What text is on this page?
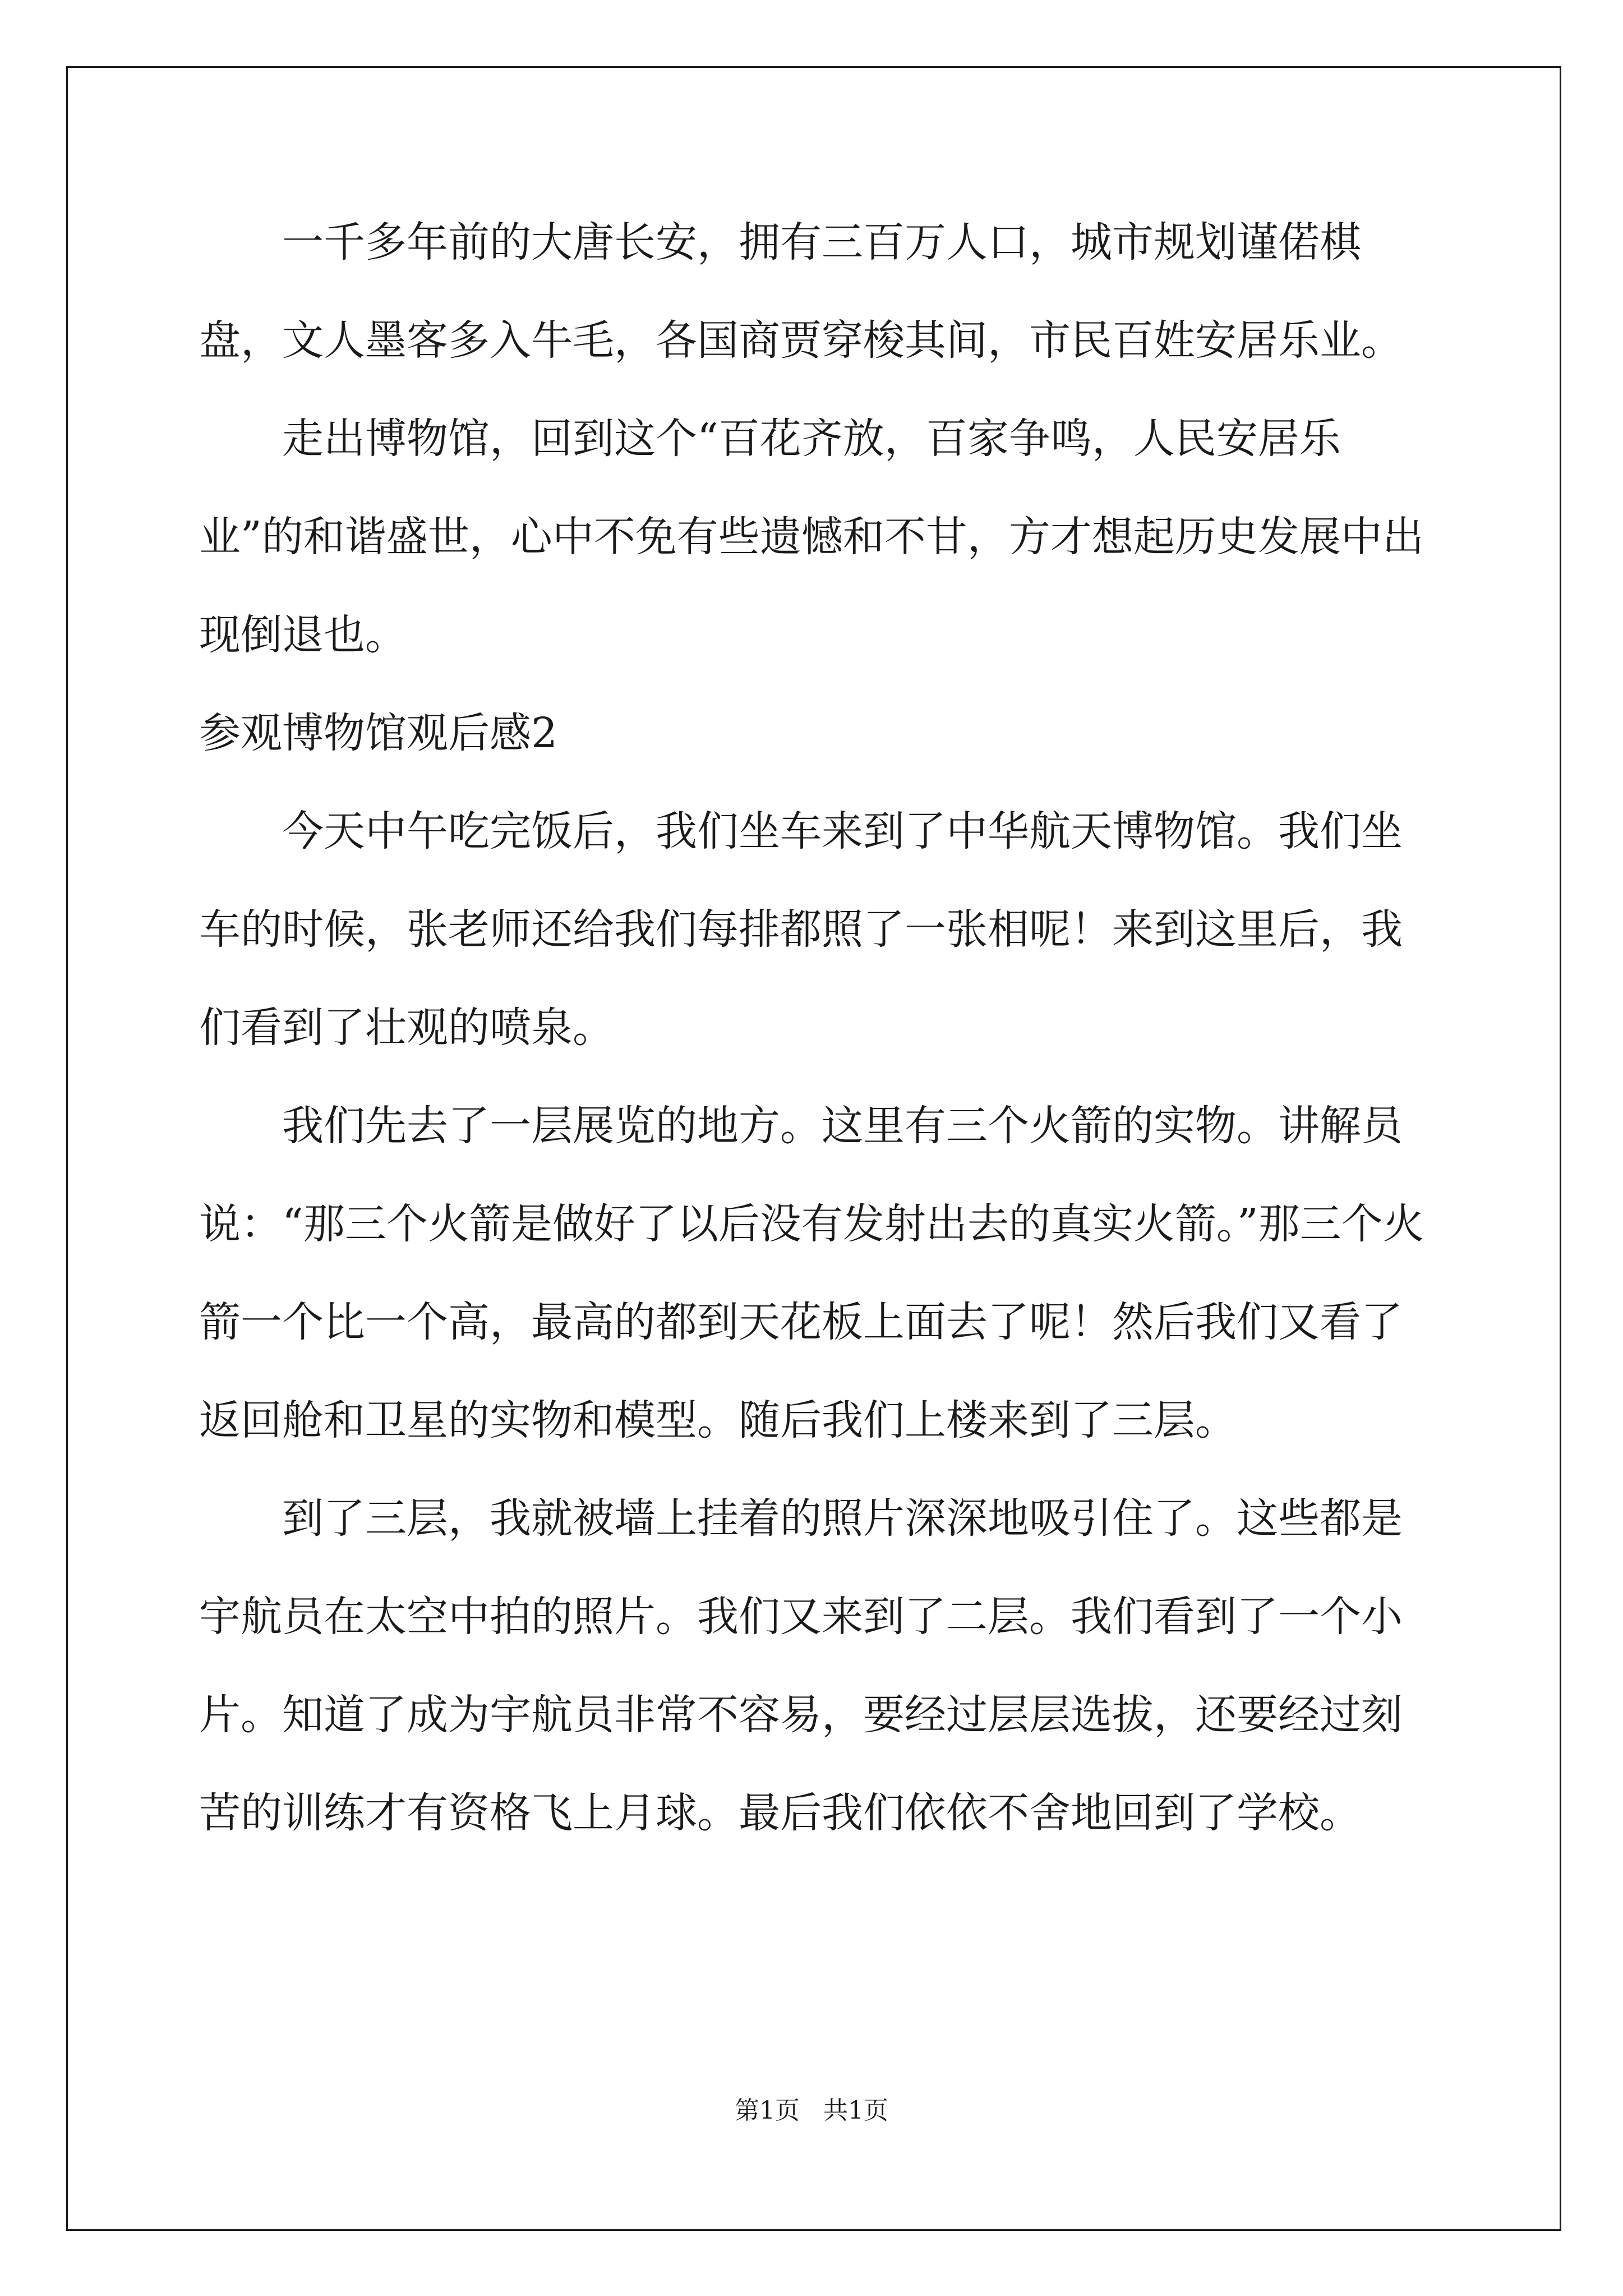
一千多年前的大唐长安，拥有三百万人口，城市规划谨偌棋盘，文人墨客多入牛毛，各国商贾穿梭其间，市民百姓安居乐业。

走出博物馆，回到这个“百花齐放，百家争鸣，人民安居乐业”的和谐盛世，心中不免有些遗憾和不甘，方才想起历史发展中出现倒退也。

参观博物馆观后感2

今天中午吃完饭后，我们坐车来到了中华航天博物馆。我们坐车的时候，张老师还给我们每排都照了一张相呢！来到这里后，我们看到了壮观的喷泉。

我们先去了一层展览的地方。这里有三个火箭的实物。讲解员说：“那三个火箭是做好了以后没有发射出去的真实火箭。”那三个火箭一个比一个高，最高的都到天花板上面去了呢！然后我们又看了返回舱和卫星的实物和模型。随后我们上楼来到了三层。

到了三层，我就被墙上挂着的照片深深地吸引住了。这些都是宇航员在太空中拍的照片。我们又来到了二层。我们看到了一个小片。知道了成为宇航员非常不容易，要经过层层选拔，还要经过刻苦的训练才有资格飞上月球。最后我们依依不舍地回到了学校。

第1页   共1页
